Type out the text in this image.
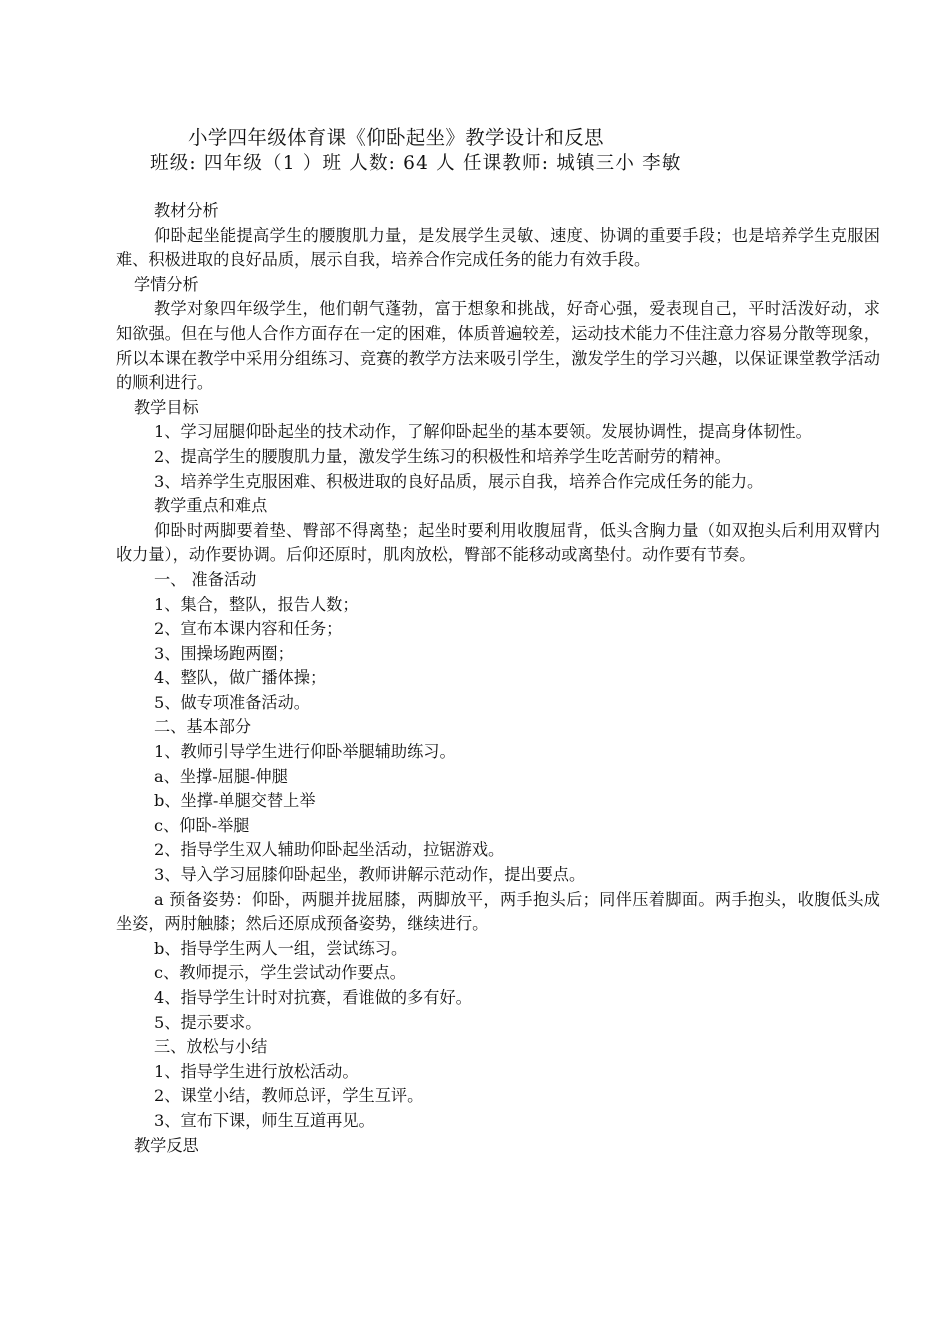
小学四年级体育课《仰卧起坐》教学设计和反思
班级: 四年级（1 ）班 人数: 64 人 任课教师: 城镇三小 李敏

教材分析

仰卧起坐能提高学生的腰腹肌力量，是发展学生灵敏、速度、协调的重要手段；也是培养学生克服困难、积极进取的良好品质，展示自我，培养合作完成任务的能力有效手段。

学情分析

教学对象四年级学生，他们朝气蓬勃，富于想象和挑战，好奇心强，爱表现自己，平时活泼好动，求知欲强。但在与他人合作方面存在一定的困难，体质普遍较差，运动技术能力不佳注意力容易分散等现象，所以本课在教学中采用分组练习、竞赛的教学方法来吸引学生，激发学生的学习兴趣，以保证课堂教学活动的顺利进行。

教学目标

1、学习屈腿仰卧起坐的技术动作，了解仰卧起坐的基本要领。发展协调性，提高身体韧性。

2、提高学生的腰腹肌力量，激发学生练习的积极性和培养学生吃苦耐劳的精神。

3、培养学生克服困难、积极进取的良好品质，展示自我，培养合作完成任务的能力。

教学重点和难点

仰卧时两脚要着垫、臀部不得离垫；起坐时要利用收腹屈背，低头含胸力量（如双抱头后利用双臂内收力量），动作要协调。后仰还原时，肌肉放松，臀部不能移动或离垫付。动作要有节奏。

一、 准备活动

1、集合，整队，报告人数；

2、宣布本课内容和任务；

3、围操场跑两圈；

4、整队，做广播体操；

5、做专项准备活动。

二、基本部分

1、教师引导学生进行仰卧举腿辅助练习。

a、坐撑-屈腿-伸腿

b、坐撑-单腿交替上举

c、仰卧-举腿

2、指导学生双人辅助仰卧起坐活动，拉锯游戏。

3、导入学习屈膝仰卧起坐，教师讲解示范动作，提出要点。

a 预备姿势：仰卧，两腿并拢屈膝，两脚放平，两手抱头后；同伴压着脚面。两手抱头，收腹低头成坐姿，两肘触膝；然后还原成预备姿势，继续进行。

b、指导学生两人一组，尝试练习。

c、教师提示，学生尝试动作要点。

4、指导学生计时对抗赛，看谁做的多有好。

5、提示要求。

三、放松与小结

1、指导学生进行放松活动。

2、课堂小结，教师总评，学生互评。

3、宣布下课，师生互道再见。

教学反思
